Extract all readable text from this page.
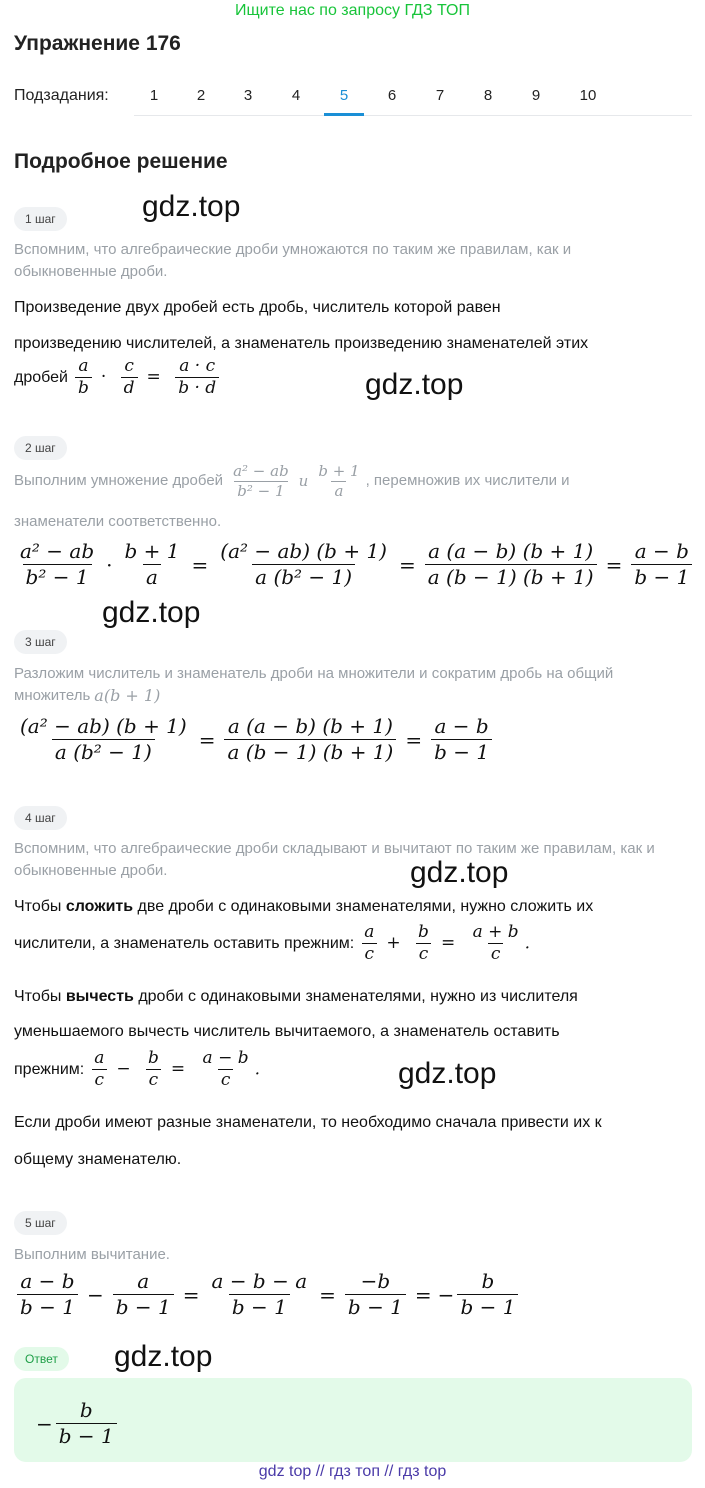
Ищите нас по запросу ГДЗ ТОП
Упражнение 176
Подзадания:	1	2	3	4	5	6	7	8	9	10
Подробное решение
1 шаг	gdz.top
Вспомним, что алгебраические дроби умножаются по таким же правилам, как и обыкновенные дроби.
Произведение двух дробей есть дробь, числитель которой равен
произведению числителей, а знаменатель произведению знаменателей этих
дробей $\frac{a}{b} \cdot \frac{c}{d} = \frac{a \cdot c}{b \cdot d}$	gdz.top
2 шаг
Выполним умножение дробей $\frac{\text{a² − ab}}{\text{b² − 1}}$ и $\frac{b + 1}{a}$ , перемножив их числители и
знаменатели соответственно.
$\frac{\text{a² − ab}}{\text{b² − 1}} \cdot \frac{b + 1}{a} = \frac{\text{(a² − ab) (b + 1)}}{\text{a (b² − 1)}} = \frac{a (a - b) (b + 1)}{a (b - 1) (b + 1)} = \frac{a - b}{b - 1}$
gdz.top
3 шаг
Разложим числитель и знаменатель дроби на множители и сократим дробь на общий
множитель a(b + 1)
$\frac{\text{(a² − ab) (b + 1)}}{\text{a (b² − 1)}} = \frac{a (a - b) (b + 1)}{a (b - 1) (b + 1)} = \frac{a - b}{b - 1}$
4 шаг
Вспомним, что алгебраические дроби складывают и вычитают по таким же правилам, как и обыкновенные дроби.	gdz.top
Чтобы сложить две дроби с одинаковыми знаменателями, нужно сложить их
числители, а знаменатель оставить прежним: $\frac{a}{c} + \frac{b}{c} = \frac{a + b}{c}$ .
Чтобы вычесть дроби с одинаковыми знаменателями, нужно из числителя
уменьшаемого вычесть числитель вычитаемого, а знаменатель оставить
прежним: $\frac{a}{c} - \frac{b}{c} = \frac{a - b}{c}$ .	gdz.top
Если дроби имеют разные знаменатели, то необходимо сначала привести их к
общему знаменателю.
5 шаг
Выполним вычитание.
$\frac{a - b}{b - 1} - \frac{a}{b - 1} = \frac{a - b - a}{b - 1} = \frac{-b}{b - 1}$ = − $\frac{b}{b - 1}$
Ответ	gdz.top
− $\frac{b}{b - 1}$
gdz top // гдз топ // гдз top
